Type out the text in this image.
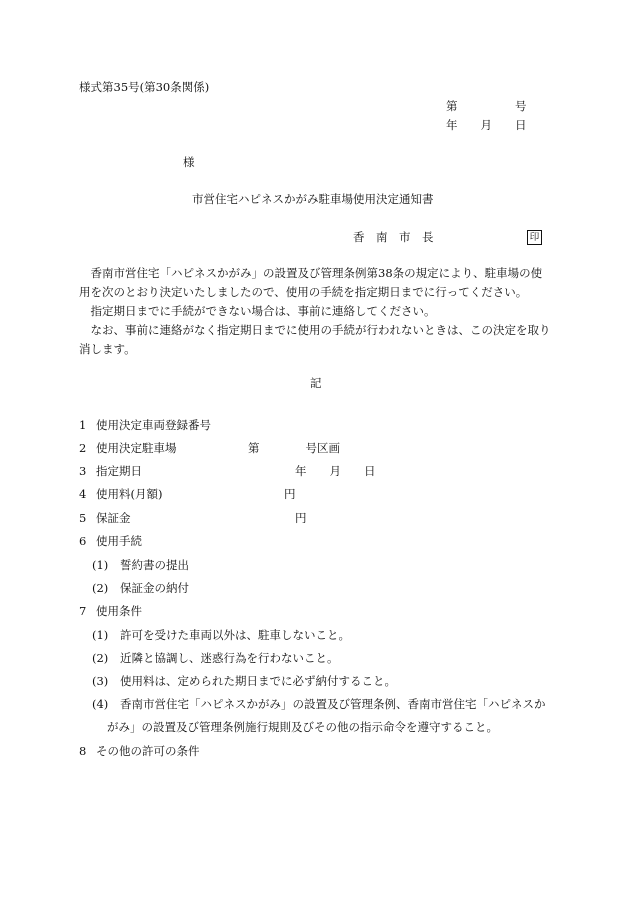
様式第35号(第30条関係)
第　　　　　号
年　　月　　日
様
市営住宅ハピネスかがみ駐車場使用決定通知書
香　南　市　長	印
香南市営住宅「ハピネスかがみ」の設置及び管理条例第38条の規定により、駐車場の使用を次のとおり決定いたしましたので、使用の手続を指定期日までに行ってください。
指定期日までに手続ができない場合は、事前に連絡してください。
なお、事前に連絡がなく指定期日までに使用の手続が行われないときは、この決定を取り消します。
記
1 使用決定車両登録番号
2 使用決定駐車場	第　　　　号区画
3 指定期日	年　　月　　日
4 使用料(月額)	円
5 保証金	円
6 使用手続
(1) 誓約書の提出
(2) 保証金の納付
7 使用条件
(1) 許可を受けた車両以外は、駐車しないこと。
(2) 近隣と協調し、迷惑行為を行わないこと。
(3) 使用料は、定められた期日までに必ず納付すること。
(4) 香南市営住宅「ハピネスかがみ」の設置及び管理条例、香南市営住宅「ハピネスか
がみ」の設置及び管理条例施行規則及びその他の指示命令を遵守すること。
8 その他の許可の条件
